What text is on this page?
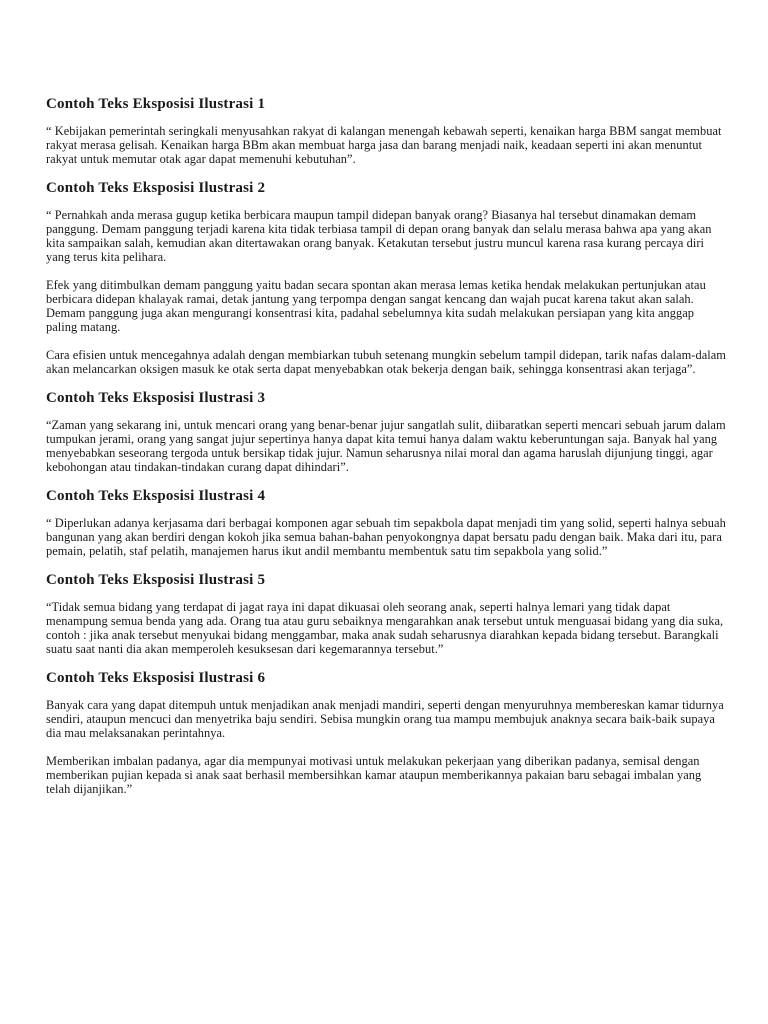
Contoh Teks Eksposisi Ilustrasi 1

“ Kebijakan pemerintah seringkali menyusahkan rakyat di kalangan menengah kebawah seperti, kenaikan harga BBM sangat membuat rakyat merasa gelisah. Kenaikan harga BBm akan membuat harga jasa dan barang menjadi naik, keadaan seperti ini akan menuntut rakyat untuk memutar otak agar dapat memenuhi kebutuhan”.

Contoh Teks Eksposisi Ilustrasi 2

“ Pernahkah anda merasa gugup ketika berbicara maupun tampil didepan banyak orang? Biasanya hal tersebut dinamakan demam panggung. Demam panggung terjadi karena kita tidak terbiasa tampil di depan orang banyak dan selalu merasa bahwa apa yang akan kita sampaikan salah, kemudian akan ditertawakan orang banyak. Ketakutan tersebut justru muncul karena rasa kurang percaya diri yang terus kita pelihara.

Efek yang ditimbulkan demam panggung yaitu badan secara spontan akan merasa lemas ketika hendak melakukan pertunjukan atau berbicara didepan khalayak ramai, detak jantung yang terpompa dengan sangat kencang dan wajah pucat karena takut akan salah. Demam panggung juga akan mengurangi konsentrasi kita, padahal sebelumnya kita sudah melakukan persiapan yang kita anggap paling matang.

Cara efisien untuk mencegahnya adalah dengan membiarkan tubuh setenang mungkin sebelum tampil didepan, tarik nafas dalam-dalam akan melancarkan oksigen masuk ke otak serta dapat menyebabkan otak bekerja dengan baik, sehingga konsentrasi akan terjaga”.

Contoh Teks Eksposisi Ilustrasi 3

“Zaman yang sekarang ini, untuk mencari orang yang benar-benar jujur sangatlah sulit, diibaratkan seperti mencari sebuah jarum dalam tumpukan jerami, orang yang sangat jujur sepertinya hanya dapat kita temui hanya dalam waktu keberuntungan saja. Banyak hal yang menyebabkan seseorang tergoda untuk bersikap tidak jujur. Namun seharusnya nilai moral dan agama haruslah dijunjung tinggi, agar kebohongan atau tindakan-tindakan curang dapat dihindari”.

Contoh Teks Eksposisi Ilustrasi 4

“ Diperlukan adanya kerjasama dari berbagai komponen agar sebuah tim sepakbola dapat menjadi tim yang solid, seperti halnya sebuah bangunan yang akan berdiri dengan kokoh jika semua bahan-bahan penyokongnya dapat bersatu padu dengan baik. Maka dari itu, para pemain, pelatih, staf pelatih, manajemen harus ikut andil membantu membentuk satu tim sepakbola yang solid.”

Contoh Teks Eksposisi Ilustrasi 5

“Tidak semua bidang yang terdapat di jagat raya ini dapat dikuasai oleh seorang anak, seperti halnya lemari yang tidak dapat menampung semua benda yang ada. Orang tua atau guru sebaiknya mengarahkan anak tersebut untuk menguasai bidang yang dia suka, contoh : jika anak tersebut menyukai bidang menggambar, maka anak sudah seharusnya diarahkan kepada bidang tersebut. Barangkali suatu saat nanti dia akan memperoleh kesuksesan dari kegemarannya tersebut.”

Contoh Teks Eksposisi Ilustrasi 6

Banyak cara yang dapat ditempuh untuk menjadikan anak menjadi mandiri, seperti dengan menyuruhnya membereskan kamar tidurnya sendiri, ataupun mencuci dan menyetrika baju sendiri. Sebisa mungkin orang tua mampu membujuk anaknya secara baik-baik supaya dia mau melaksanakan perintahnya.

Memberikan imbalan padanya, agar dia mempunyai motivasi untuk melakukan pekerjaan yang diberikan padanya, semisal dengan memberikan pujian kepada si anak saat berhasil membersihkan kamar ataupun memberikannya pakaian baru sebagai imbalan yang telah dijanjikan.”
